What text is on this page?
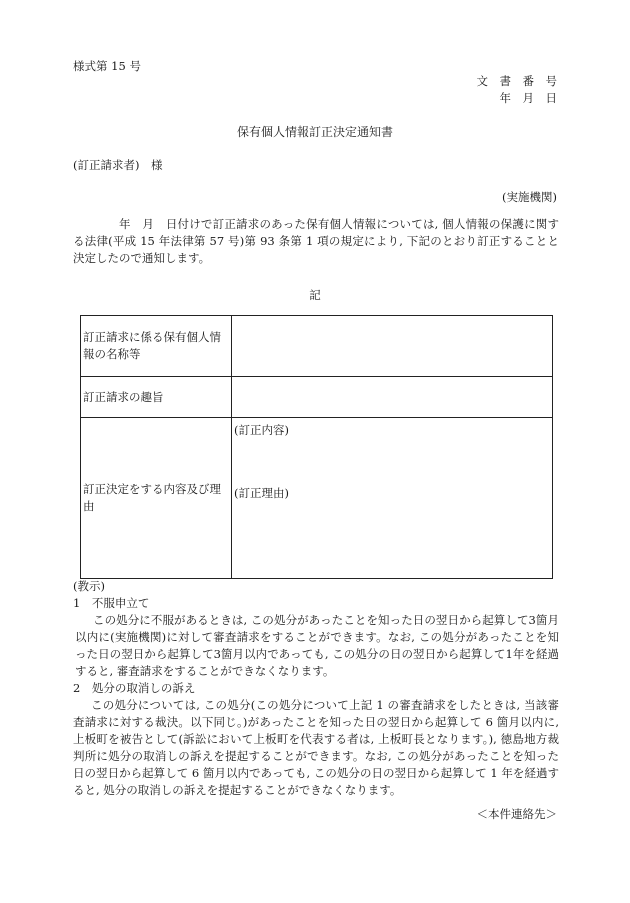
様式第 15 号
文　書　番　号
年　月　日
保有個人情報訂正決定通知書
(訂正請求者)　様
(実施機関)
年　月　日付けで訂正請求のあった保有個人情報については, 個人情報の保護に関する法律(平成 15 年法律第 57 号)第 93 条第 1 項の規定により, 下記のとおり訂正することと決定したので通知します。
記
訂正請求に係る保有個人情報の名称等	
訂正請求の趣旨	
訂正決定をする内容及び理由	(訂正内容)
(訂正理由)

(教示)

1　不服申立て

この処分に不服があるときは, この処分があったことを知った日の翌日から起算して3箇月以内に(実施機関)に対して審査請求をすることができます。なお, この処分があったことを知った日の翌日から起算して3箇月以内であっても, この処分の日の翌日から起算して1年を経過すると, 審査請求をすることができなくなります。

2　処分の取消しの訴え

この処分については, この処分(この処分について上記 1 の審査請求をしたときは, 当該審査請求に対する裁決。以下同じ。)があったことを知った日の翌日から起算して 6 箇月以内に, 上板町を被告として(訴訟において上板町を代表する者は, 上板町長となります。), 徳島地方裁判所に処分の取消しの訴えを提起することができます。なお, この処分があったことを知った日の翌日から起算して 6 箇月以内であっても, この処分の日の翌日から起算して 1 年を経過すると, 処分の取消しの訴えを提起することができなくなります。

＜本件連絡先＞
